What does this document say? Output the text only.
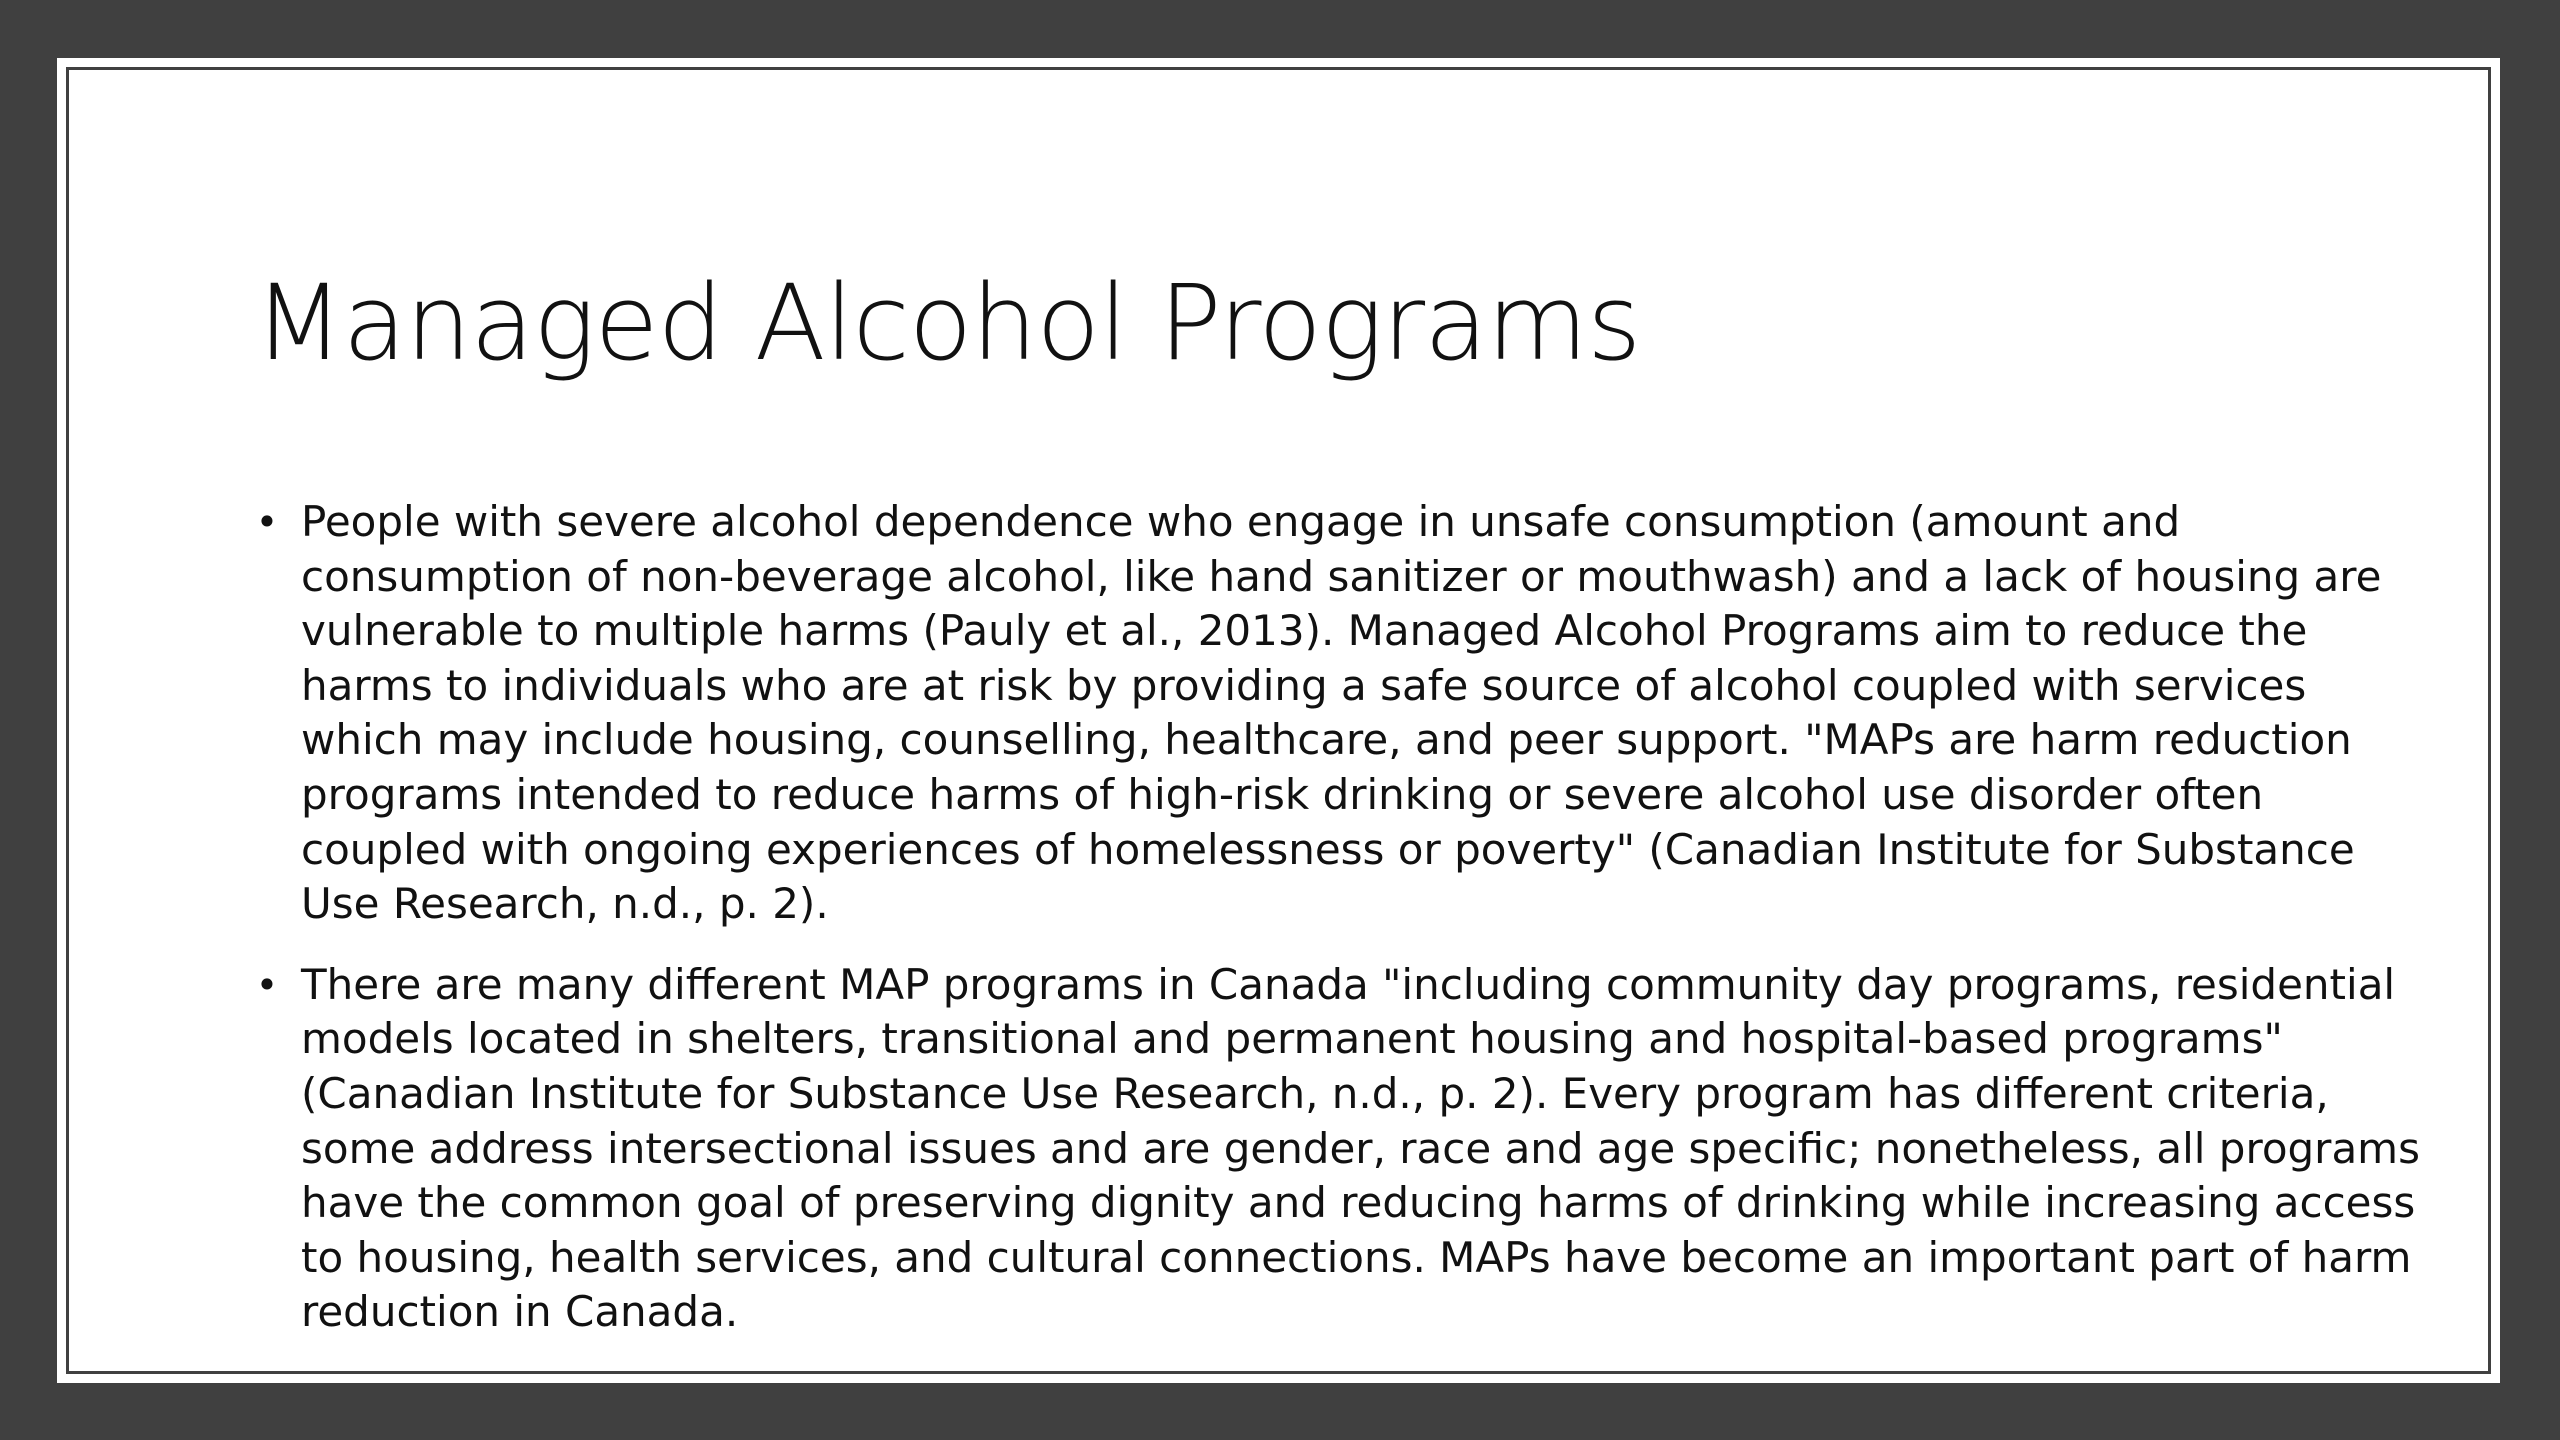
Managed Alcohol Programs
• People with severe alcohol dependence who engage in unsafe consumption (amount and consumption of non-beverage alcohol, like hand sanitizer or mouthwash) and a lack of housing are vulnerable to multiple harms (Pauly et al., 2013). Managed Alcohol Programs aim to reduce the harms to individuals who are at risk by providing a safe source of alcohol coupled with services which may include housing, counselling, healthcare, and peer support. "MAPs are harm reduction programs intended to reduce harms of high-risk drinking or severe alcohol use disorder often coupled with ongoing experiences of homelessness or poverty" (Canadian Institute for Substance Use Research, n.d., p. 2).
• There are many different MAP programs in Canada "including community day programs, residential models located in shelters, transitional and permanent housing and hospital-based programs" (Canadian Institute for Substance Use Research, n.d., p. 2). Every program has different criteria, some address intersectional issues and are gender, race and age specific; nonetheless, all programs have the common goal of preserving dignity and reducing harms of drinking while increasing access to housing, health services, and cultural connections. MAPs have become an important part of harm reduction in Canada.
